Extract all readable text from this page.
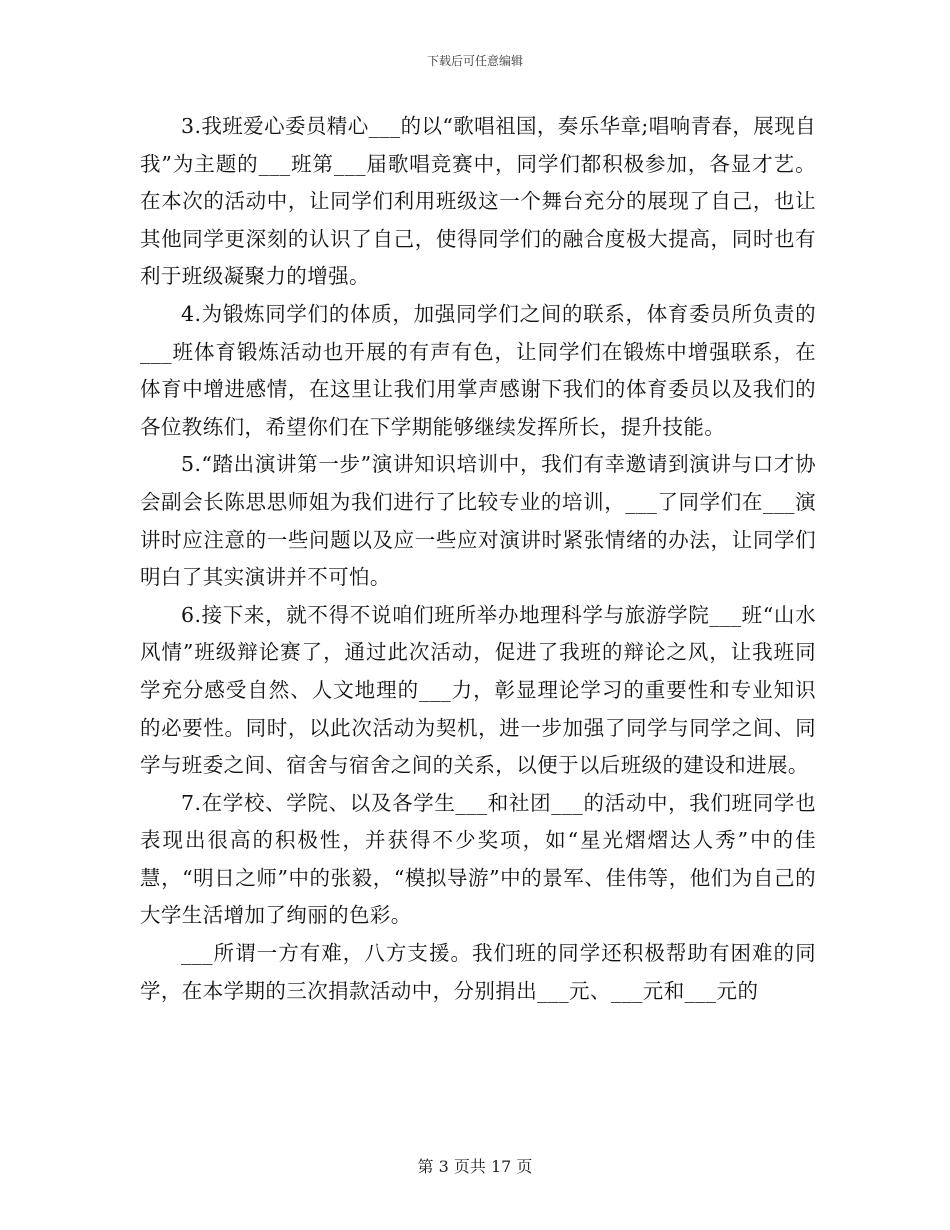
下载后可任意编辑

3.我班爱心委员精心___的以“歌唱祖国，奏乐华章;唱响青春，展现自我”为主题的___班第___届歌唱竞赛中，同学们都积极参加，各显才艺。在本次的活动中，让同学们利用班级这一个舞台充分的展现了自己，也让其他同学更深刻的认识了自己，使得同学们的融合度极大提高，同时也有利于班级凝聚力的增强。

4.为锻炼同学们的体质，加强同学们之间的联系，体育委员所负责的___班体育锻炼活动也开展的有声有色，让同学们在锻炼中增强联系，在体育中增进感情，在这里让我们用掌声感谢下我们的体育委员以及我们的各位教练们，希望你们在下学期能够继续发挥所长，提升技能。

5.“踏出演讲第一步”演讲知识培训中，我们有幸邀请到演讲与口才协会副会长陈思思师姐为我们进行了比较专业的培训，___了同学们在___演讲时应注意的一些问题以及应一些应对演讲时紧张情绪的办法，让同学们明白了其实演讲并不可怕。

6.接下来，就不得不说咱们班所举办地理科学与旅游学院___班“山水风情”班级辩论赛了，通过此次活动，促进了我班的辩论之风，让我班同学充分感受自然、人文地理的___力，彰显理论学习的重要性和专业知识的必要性。同时，以此次活动为契机，进一步加强了同学与同学之间、同学与班委之间、宿舍与宿舍之间的关系，以便于以后班级的建设和进展。

7.在学校、学院、以及各学生___和社团___的活动中，我们班同学也表现出很高的积极性，并获得不少奖项，如“星光熠熠达人秀”中的佳慧，“明日之师”中的张毅，“模拟导游”中的景军、佳伟等，他们为自己的大学生活增加了绚丽的色彩。

___所谓一方有难，八方支援。我们班的同学还积极帮助有困难的同学，在本学期的三次捐款活动中，分别捐出___元、___元和___元的

第 3 页共 17 页
